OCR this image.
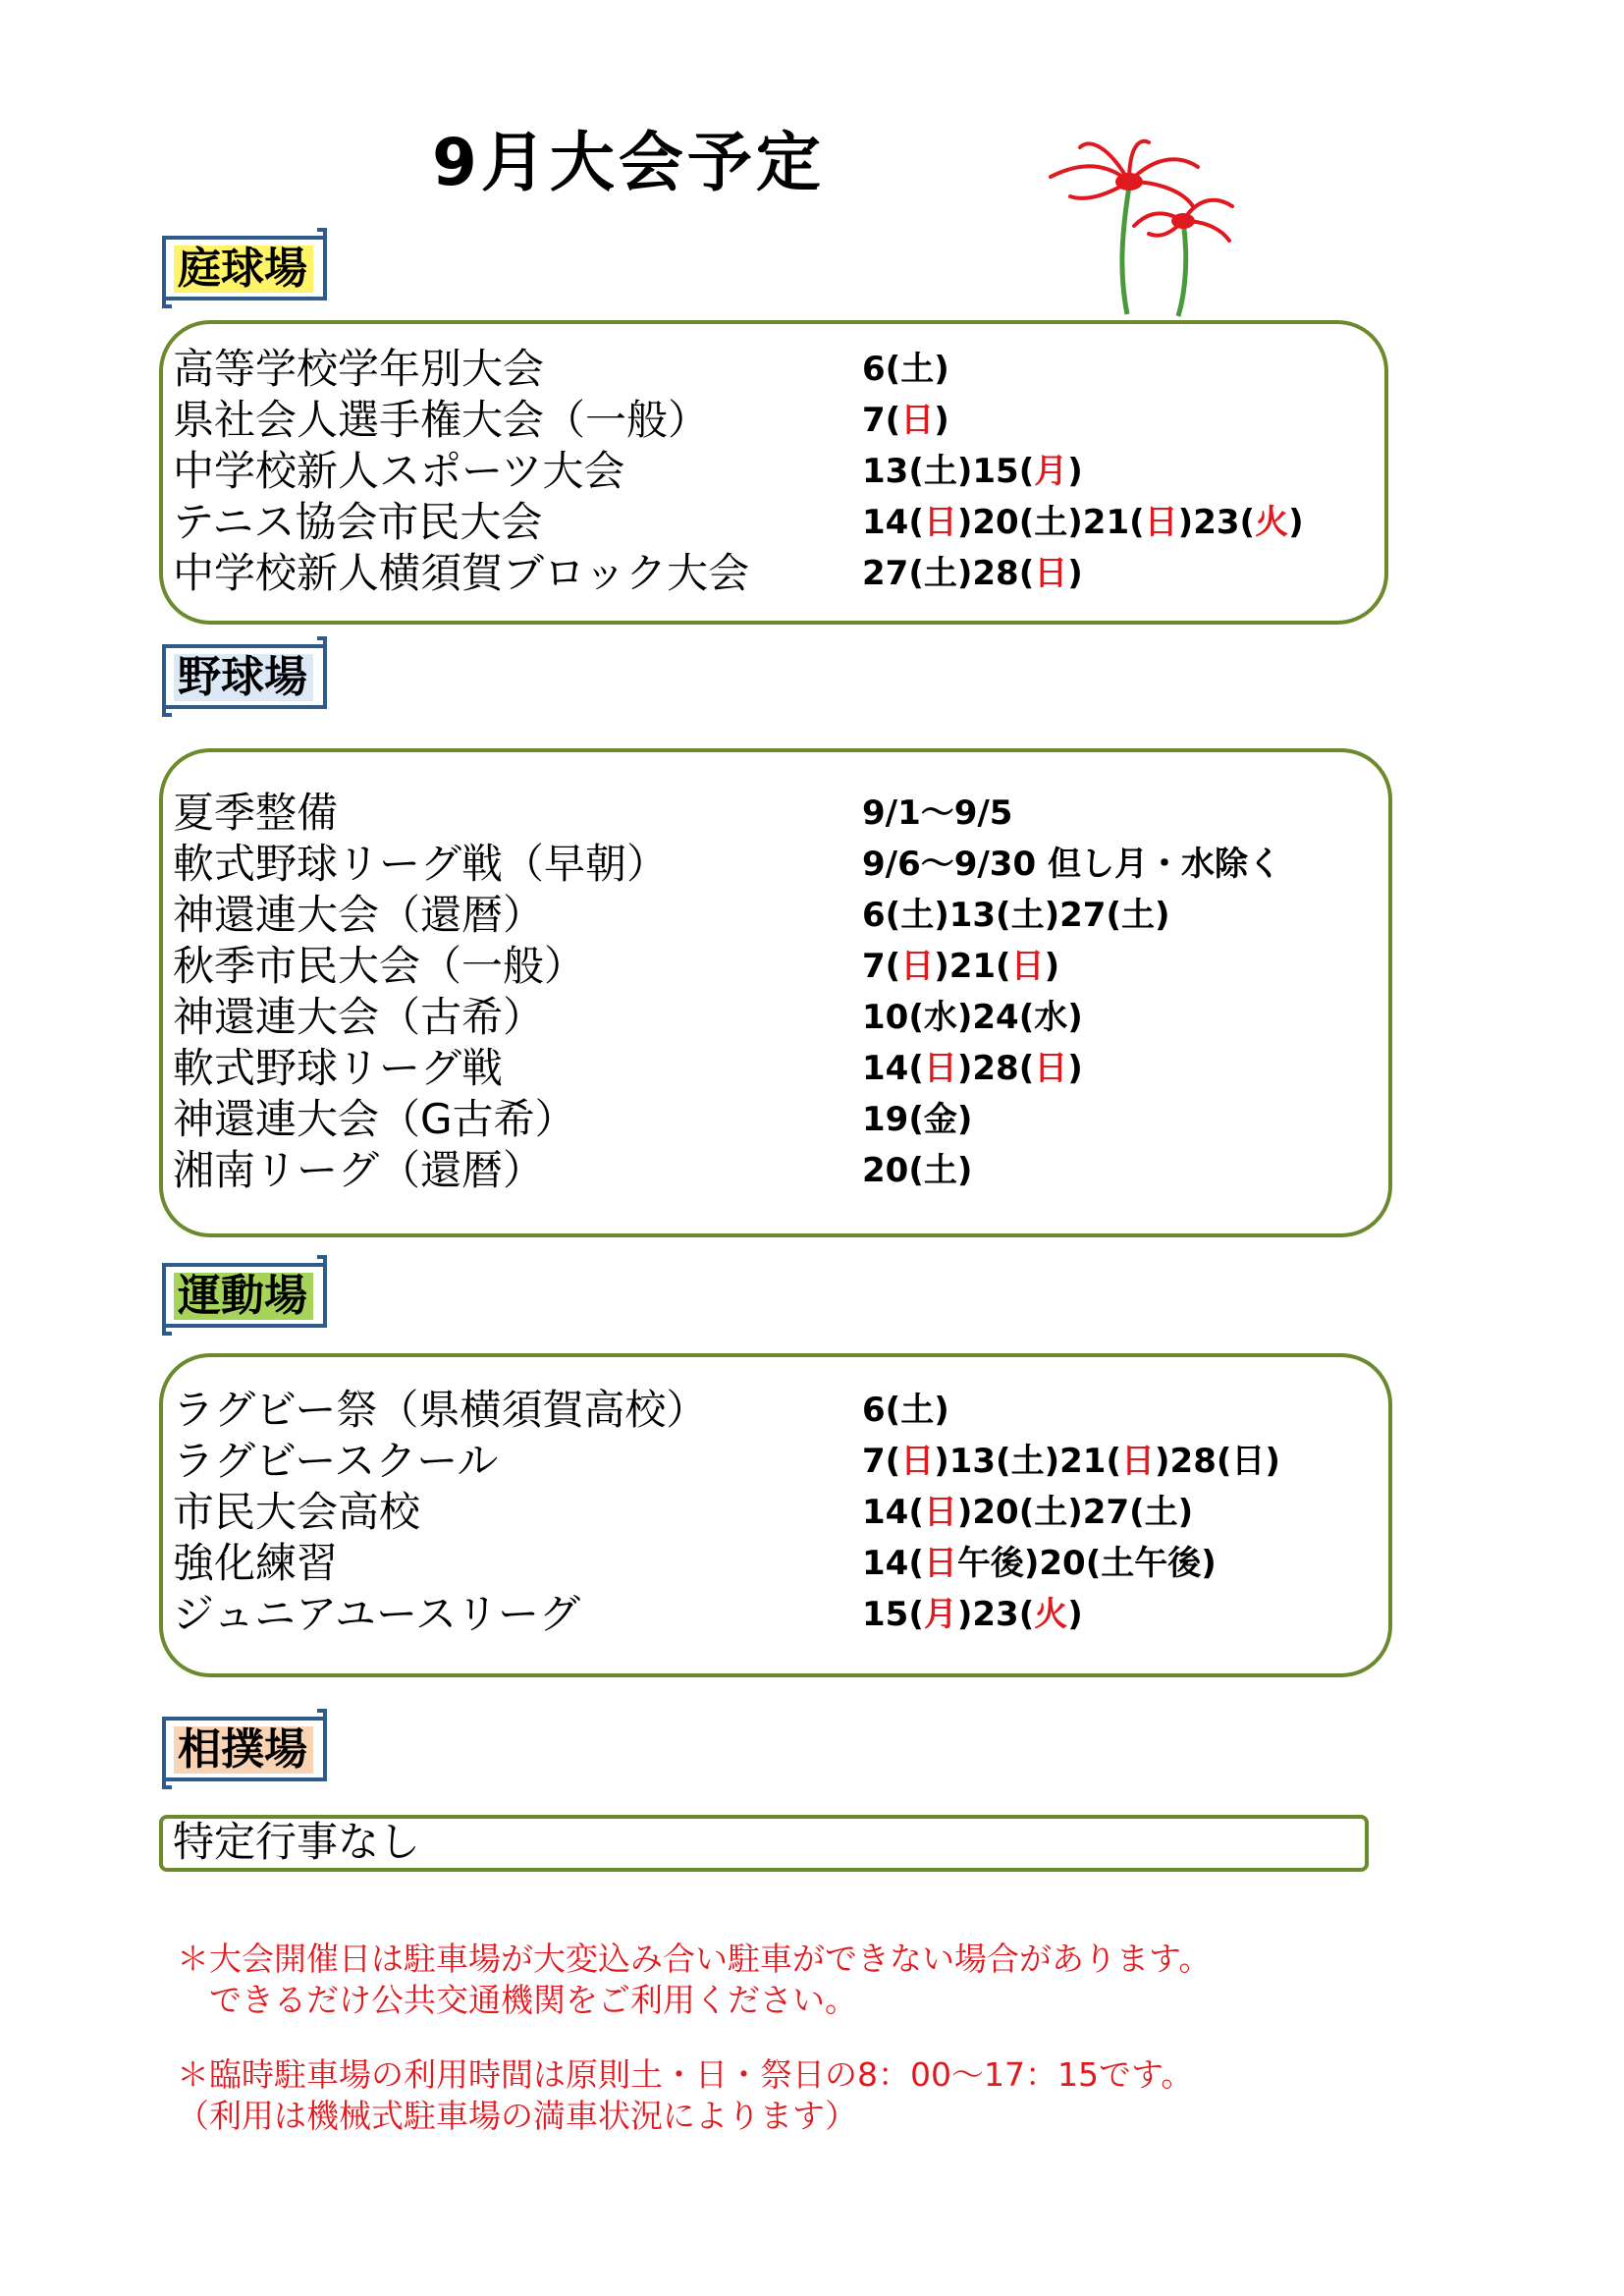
9月大会予定
庭球場
高等学校学年別大会	6(土)
県社会人選手権大会（一般）	7(日)
中学校新人スポーツ大会	13(土)15(月)
テニス協会市民大会	14(日)20(土)21(日)23(火)
中学校新人横須賀ブロック大会	27(土)28(日)
野球場
夏季整備	9/1～9/5
軟式野球リーグ戦（早朝）	9/6～9/30 但し月・水除く
神還連大会（還暦）	6(土)13(土)27(土)
秋季市民大会（一般）	7(日)21(日)
神還連大会（古希）	10(水)24(水)
軟式野球リーグ戦	14(日)28(日)
神還連大会（G古希）	19(金)
湘南リーグ（還暦）	20(土)
運動場
ラグビー祭（県横須賀高校）	6(土)
ラグビースクール	7(日)13(土)21(日)28(日)
市民大会高校	14(日)20(土)27(土)
強化練習	14(日午後)20(土午後)
ジュニアユースリーグ	15(月)23(火)
相撲場
特定行事なし
＊大会開催日は駐車場が大変込み合い駐車ができない場合があります。
　できるだけ公共交通機関をご利用ください。
＊臨時駐車場の利用時間は原則土・日・祭日の8：00～17：15です。
（利用は機械式駐車場の満車状況によります）
